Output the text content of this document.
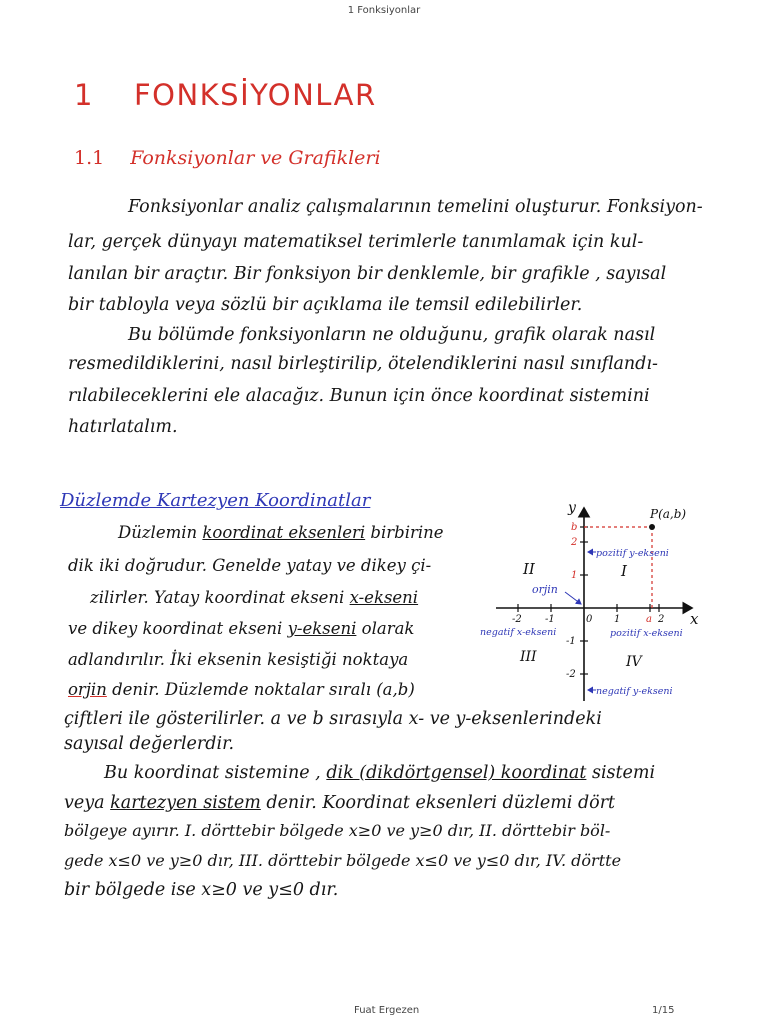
1 Fonksiyonlar
1 FONKSİYONLAR
1.1 Fonksiyonlar ve Grafikleri
Fonksiyonlar analiz çalışmalarının temelini oluşturur. Fonksiyon-
lar, gerçek dünyayı matematiksel terimlerle tanımlamak için kul-
lanılan bir araçtır. Bir fonksiyon bir denklemle, bir grafikle , sayısal
bir tabloyla veya sözlü bir açıklama ile temsil edilebilirler.
Bu bölümde fonksiyonların ne olduğunu, grafik olarak nasıl
resmedildiklerini, nasıl birleştirilip, ötelendiklerini nasıl sınıflandı-
rılabileceklerini ele alacağız. Bunun için önce koordinat sistemini
hatırlatalım.
Düzlemde Kartezyen Koordinatlar
Düzlemin koordinat eksenleri birbirine
dik iki doğrudur. Genelde yatay ve dikey çi-
zilirler. Yatay koordinat ekseni x-ekseni
ve dikey koordinat ekseni y-ekseni olarak
adlandırılır. İki eksenin kesiştiği noktaya
orjin denir. Düzlemde noktalar sıralı (a,b)
çiftleri ile gösterilirler. a ve b sırasıyla x- ve y-eksenlerindeki
sayısal değerlerdir.
Bu koordinat sistemine , dik (dikdörtgensel) koordinat sistemi
veya kartezyen sistem denir. Koordinat eksenleri düzlemi dört
bölgeye ayırır. I. dörttebir bölgede x≥0 ve y≥0 dır, II. dörttebir böl-
gede x≤0 ve y≥0 dır, III. dörttebir bölgede x≤0 ve y≤0 dır, IV. dörtte
bir bölgede ise x≥0 ve y≤0 dır.
x
y
b
2
1
-1
-2
-2 -1	0 1	a 2
P(a,b)
I
II
III	IV
orjin
pozitif y-ekseni
negatif y-ekseni
pozitif x-ekseni
negatif x-ekseni
Fuat Ergezen	1/15
